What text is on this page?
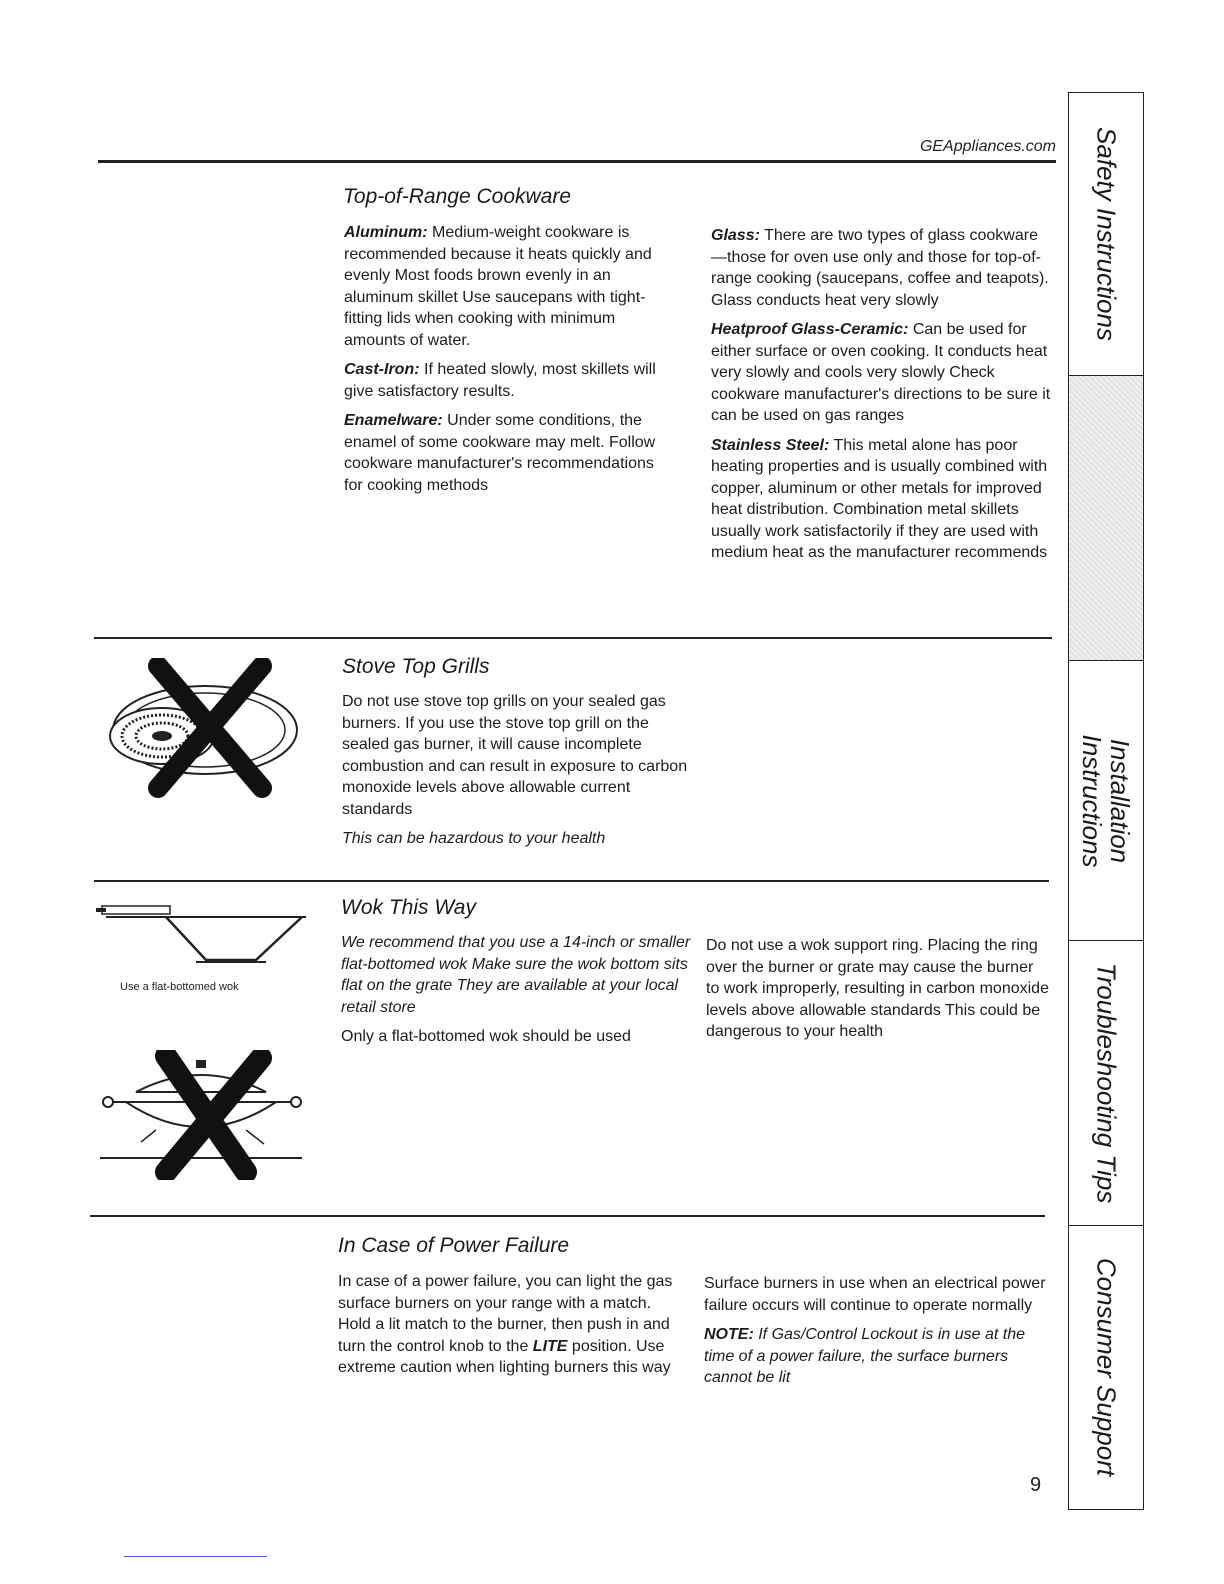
GEAppliances.com
Top-of-Range Cookware

Aluminum: Medium-weight cookware is recommended because it heats quickly and evenly Most foods brown evenly in an aluminum skillet Use saucepans with tight-fitting lids when cooking with minimum amounts of water.

Cast-Iron: If heated slowly, most skillets will give satisfactory results.

Enamelware: Under some conditions, the enamel of some cookware may melt. Follow cookware manufacturer's recommendations for cooking methods

Glass: There are two types of glass cookware—those for oven use only and those for top-of-range cooking (saucepans, coffee and teapots). Glass conducts heat very slowly

Heatproof Glass-Ceramic: Can be used for either surface or oven cooking. It conducts heat very slowly and cools very slowly Check cookware manufacturer's directions to be sure it can be used on gas ranges

Stainless Steel: This metal alone has poor heating properties and is usually combined with copper, aluminum or other metals for improved heat distribution. Combination metal skillets usually work satisfactorily if they are used with medium heat as the manufacturer recommends

Stove Top Grills

Do not use stove top grills on your sealed gas burners. If you use the stove top grill on the sealed gas burner, it will cause incomplete combustion and can result in exposure to carbon monoxide levels above allowable current standards

This can be hazardous to your health

Use a flat-bottomed wok
Wok This Way

We recommend that you use a 14-inch or smaller flat-bottomed wok Make sure the wok bottom sits flat on the grate They are available at your local retail store

Only a flat-bottomed wok should be used

Do not use a wok support ring. Placing the ring over the burner or grate may cause the burner to work improperly, resulting in carbon monoxide levels above allowable standards This could be dangerous to your health

In Case of Power Failure

In case of a power failure, you can light the gas surface burners on your range with a match. Hold a lit match to the burner, then push in and turn the control knob to the LITE position. Use extreme caution when lighting burners this way

Surface burners in use when an electrical power failure occurs will continue to operate normally

NOTE: If Gas/Control Lockout is in use at the time of a power failure, the surface burners cannot be lit

9
Safety Instructions
Installation
Instructions
Troubleshooting Tips
Consumer Support
